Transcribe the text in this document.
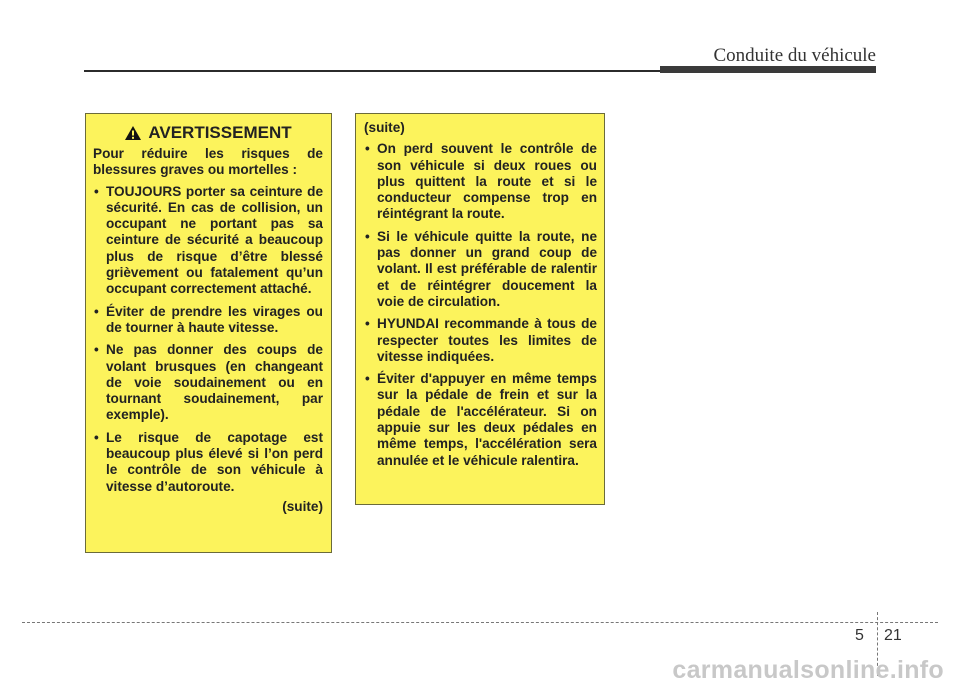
Conduite du véhicule
AVERTISSEMENT
Pour réduire les risques de blessures graves ou mortelles :
• TOUJOURS porter sa ceinture de sécurité. En cas de collision, un occupant ne portant pas sa ceinture de sécurité a beaucoup plus de risque d’être blessé grièvement ou fatalement qu’un occupant correctement attaché.
• Éviter de prendre les virages ou de tourner à haute vitesse.
• Ne pas donner des coups de volant brusques (en changeant de voie soudainement ou en tournant soudainement, par exemple).
• Le risque de capotage est beaucoup plus élevé si l’on perd le contrôle de son véhicule à vitesse d’autoroute.
(suite)
(suite)
• On perd souvent le contrôle de son véhicule si deux roues ou plus quittent la route et si le conducteur compense trop en réintégrant la route.
• Si le véhicule quitte la route, ne pas donner un grand coup de volant. Il est préférable de ralentir et de réintégrer doucement la voie de circulation.
• HYUNDAI recommande à tous de respecter toutes les limites de vitesse indiquées.
• Éviter d'appuyer en même temps sur la pédale de frein et sur la pédale de l'accélérateur. Si on appuie sur les deux pédales en même temps, l'accélération sera annulée et le véhicule ralentira.
5 21
carmanualsonline.info
